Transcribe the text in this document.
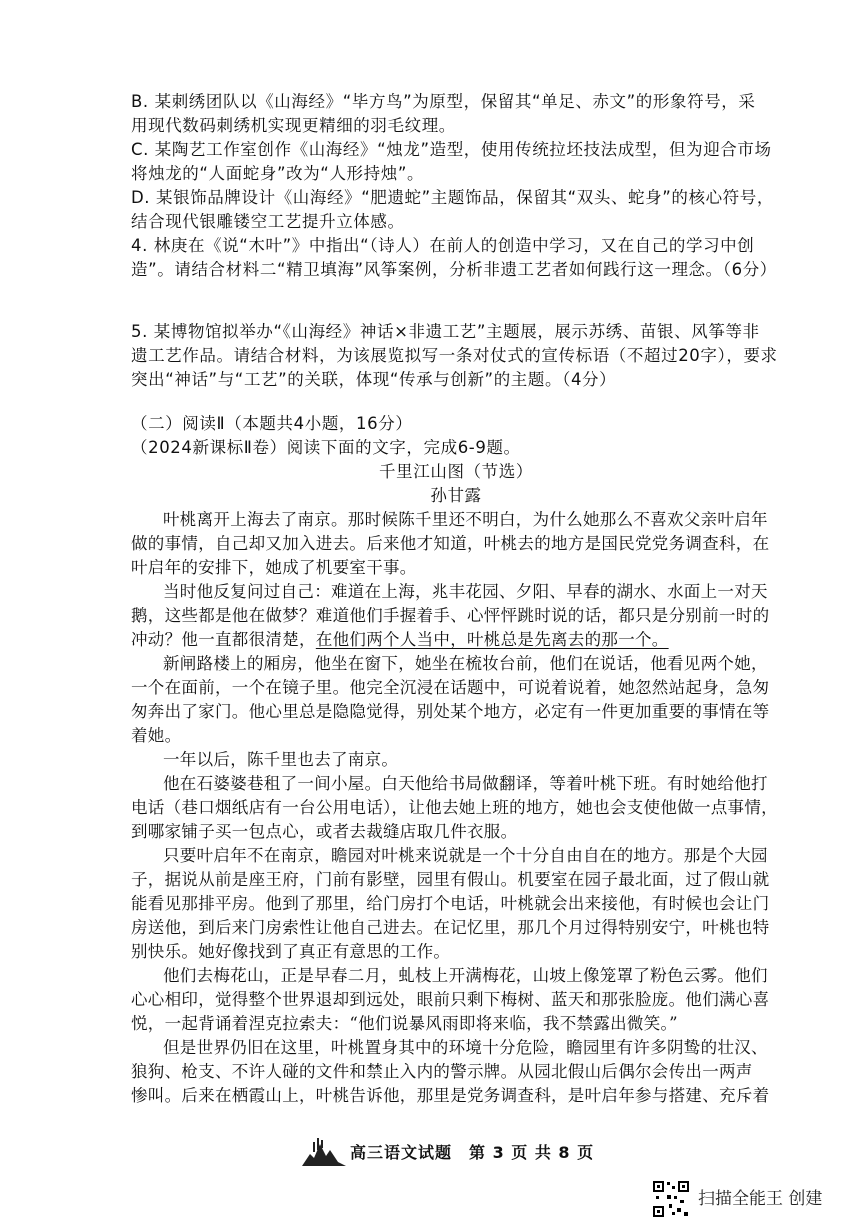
B. 某刺绣团队以《山海经》“毕方鸟”为原型，保留其“单足、赤文”的形象符号，采
用现代数码刺绣机实现更精细的羽毛纹理。
C. 某陶艺工作室创作《山海经》“烛龙”造型，使用传统拉坯技法成型，但为迎合市场
将烛龙的“人面蛇身”改为“人形持烛”。
D. 某银饰品牌设计《山海经》“肥遗蛇”主题饰品，保留其“双头、蛇身”的核心符号，
结合现代银雕镂空工艺提升立体感。
4. 林庚在《说“木叶”》中指出“（诗人）在前人的创造中学习，又在自己的学习中创
造”。请结合材料二“精卫填海”风筝案例，分析非遗工艺者如何践行这一理念。（6分）
5. 某博物馆拟举办“《山海经》神话×非遗工艺”主题展，展示苏绣、苗银、风筝等非
遗工艺作品。请结合材料，为该展览拟写一条对仗式的宣传标语（不超过20字），要求
突出“神话”与“工艺”的关联，体现“传承与创新”的主题。（4分）
（二）阅读Ⅱ（本题共4小题，16分）
（2024新课标Ⅱ卷）阅读下面的文字，完成6-9题。
千里江山图（节选）
孙甘露
叶桃离开上海去了南京。那时候陈千里还不明白，为什么她那么不喜欢父亲叶启年
做的事情，自己却又加入进去。后来他才知道，叶桃去的地方是国民党党务调查科，在
叶启年的安排下，她成了机要室干事。
当时他反复问过自己：难道在上海，兆丰花园、夕阳、早春的湖水、水面上一对天
鹅，这些都是他在做梦？难道他们手握着手、心怦怦跳时说的话，都只是分别前一时的
冲动？他一直都很清楚，在他们两个人当中，叶桃总是先离去的那一个。
新闸路楼上的厢房，他坐在窗下，她坐在梳妆台前，他们在说话，他看见两个她，
一个在面前，一个在镜子里。他完全沉浸在话题中，可说着说着，她忽然站起身，急匆
匆奔出了家门。他心里总是隐隐觉得，别处某个地方，必定有一件更加重要的事情在等
着她。
一年以后，陈千里也去了南京。
他在石婆婆巷租了一间小屋。白天他给书局做翻译，等着叶桃下班。有时她给他打
电话（巷口烟纸店有一台公用电话），让他去她上班的地方，她也会支使他做一点事情，
到哪家铺子买一包点心，或者去裁缝店取几件衣服。
只要叶启年不在南京，瞻园对叶桃来说就是一个十分自由自在的地方。那是个大园
子，据说从前是座王府，门前有影壁，园里有假山。机要室在园子最北面，过了假山就
能看见那排平房。他到了那里，给门房打个电话，叶桃就会出来接他，有时候也会让门
房送他，到后来门房索性让他自己进去。在记忆里，那几个月过得特别安宁，叶桃也特
别快乐。她好像找到了真正有意思的工作。
他们去梅花山，正是早春二月，虬枝上开满梅花，山坡上像笼罩了粉色云雾。他们
心心相印，觉得整个世界退却到远处，眼前只剩下梅树、蓝天和那张脸庞。他们满心喜
悦，一起背诵着涅克拉索夫：“他们说暴风雨即将来临，我不禁露出微笑。”
但是世界仍旧在这里，叶桃置身其中的环境十分危险，瞻园里有许多阴鸷的壮汉、
狼狗、枪支、不许人碰的文件和禁止入内的警示牌。从园北假山后偶尔会传出一两声
惨叫。后来在栖霞山上，叶桃告诉他，那里是党务调查科，是叶启年参与搭建、充斥着
高三语文试题　第 3 页 共 8 页
扫描全能王 创建
